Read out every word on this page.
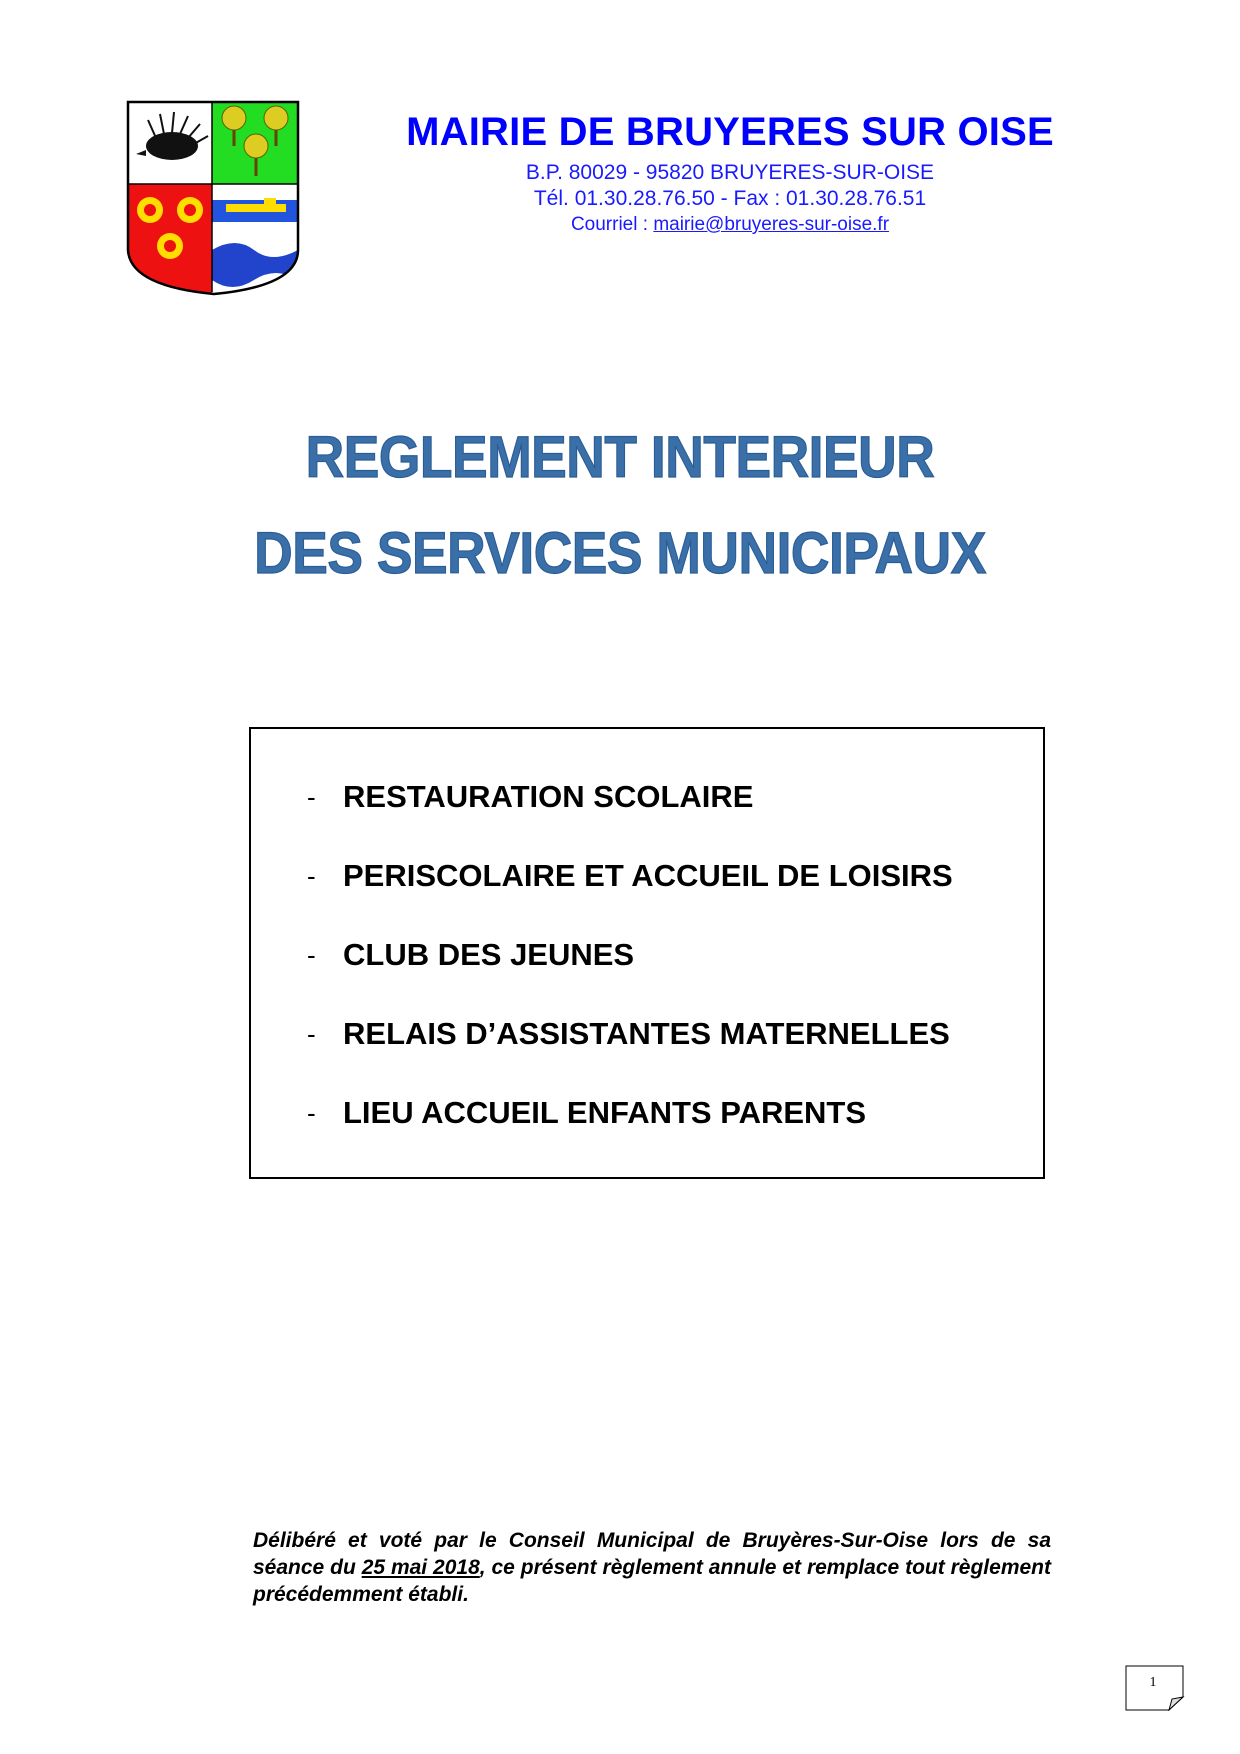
MAIRIE DE BRUYERES SUR OISE
B.P. 80029 - 95820 BRUYERES-SUR-OISE
Tél. 01.30.28.76.50 - Fax : 01.30.28.76.51
Courriel : mairie@bruyeres-sur-oise.fr
REGLEMENT INTERIEUR
DES SERVICES MUNICIPAUX
- RESTAURATION SCOLAIRE
- PERISCOLAIRE ET ACCUEIL DE LOISIRS
- CLUB DES JEUNES
- RELAIS D’ASSISTANTES MATERNELLES
- LIEU ACCUEIL ENFANTS PARENTS
Délibéré et voté par le Conseil Municipal de Bruyères-Sur-Oise lors de sa séance du 25 mai 2018, ce présent règlement annule et remplace tout règlement précédemment établi.
1
